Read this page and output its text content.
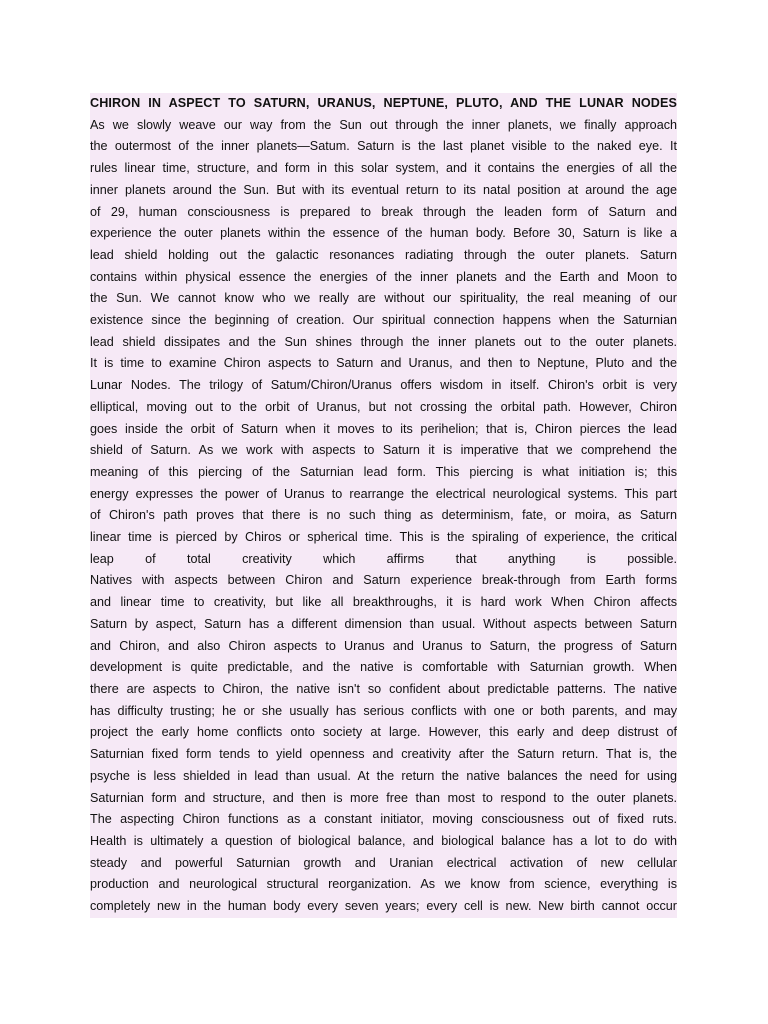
CHIRON IN ASPECT TO SATURN, URANUS, NEPTUNE, PLUTO, AND THE LUNAR NODES
As we slowly weave our way from the Sun out through the inner planets, we finally approach
the outermost of the inner planets—Satum. Saturn is the last planet visible to the naked eye. It
rules linear time, structure, and form in this solar system, and it contains the energies of all the
inner planets around the Sun. But with its eventual return to its natal position at around the age
of 29, human consciousness is prepared to break through the leaden form of Saturn and
experience the outer planets within the essence of the human body. Before 30, Saturn is like a
lead shield holding out the galactic resonances radiating through the outer planets. Saturn
contains within physical essence the energies of the inner planets and the Earth and Moon to
the Sun. We cannot know who we really are without our spirituality, the real meaning of our
existence since the beginning of creation. Our spiritual connection happens when the Saturnian
lead shield dissipates and the Sun shines through the inner planets out to the outer planets.
It is time to examine Chiron aspects to Saturn and Uranus, and then to Neptune, Pluto and the
Lunar Nodes. The trilogy of Satum/Chiron/Uranus offers wisdom in itself. Chiron's orbit is very
elliptical, moving out to the orbit of Uranus, but not crossing the orbital path. However, Chiron
goes inside the orbit of Saturn when it moves to its perihelion; that is, Chiron pierces the lead
shield of Saturn. As we work with aspects to Saturn it is imperative that we comprehend the
meaning of this piercing of the Saturnian lead form. This piercing is what initiation is; this
energy expresses the power of Uranus to rearrange the electrical neurological systems. This part
of Chiron's path proves that there is no such thing as determinism, fate, or moira, as Saturn
linear time is pierced by Chiros or spherical time. This is the spiraling of experience, the critical
leap of total creativity which affirms that anything is possible.
Natives with aspects between Chiron and Saturn experience break-through from Earth forms
and linear time to creativity, but like all breakthroughs, it is hard work When Chiron affects
Saturn by aspect, Saturn has a different dimension than usual. Without aspects between Saturn
and Chiron, and also Chiron aspects to Uranus and Uranus to Saturn, the progress of Saturn
development is quite predictable, and the native is comfortable with Saturnian growth. When
there are aspects to Chiron, the native isn't so confident about predictable patterns. The native
has difficulty trusting; he or she usually has serious conflicts with one or both parents, and may
project the early home conflicts onto society at large. However, this early and deep distrust of
Saturnian fixed form tends to yield openness and creativity after the Saturn return. That is, the
psyche is less shielded in lead than usual. At the return the native balances the need for using
Saturnian form and structure, and then is more free than most to respond to the outer planets.
The aspecting Chiron functions as a constant initiator, moving consciousness out of fixed ruts.
Health is ultimately a question of biological balance, and biological balance has a lot to do with
steady and powerful Saturnian growth and Uranian electrical activation of new cellular
production and neurological structural reorganization. As we know from science, everything is
completely new in the human body every seven years; every cell is new. New birth cannot occur
